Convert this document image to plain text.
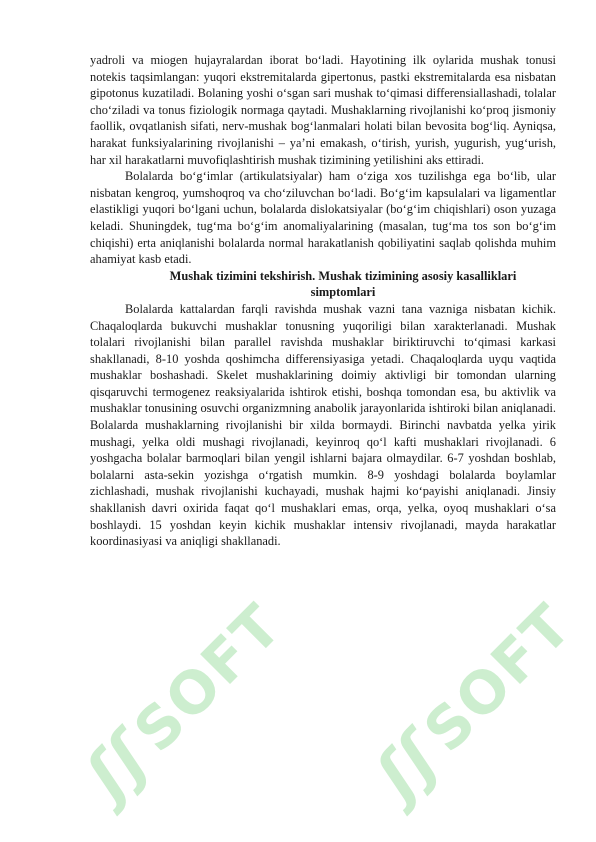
ʃʃSOFT
ʃʃSOFT

yadroli va miogen hujayralardan iborat bo‘ladi. Hayotining ilk oylarida mushak tonusi notekis taqsimlangan: yuqori ekstremitalarda gipertonus, pastki ekstremitalarda esa nisbatan gipotonus kuzatiladi. Bolaning yoshi o‘sgan sari mushak to‘qimasi differensiallashadi, tolalar cho‘ziladi va tonus fiziologik normaga qaytadi. Mushaklarning rivojlanishi ko‘proq jismoniy faollik, ovqatlanish sifati, nerv-mushak bog‘lanmalari holati bilan bevosita bog‘liq. Ayniqsa, harakat funksiyalarining rivojlanishi – ya’ni emakash, o‘tirish, yurish, yugurish, yug‘urish, har xil harakatlarni muvofiqlashtirish mushak tizimining yetilishini aks ettiradi.

Bolalarda bo‘g‘imlar (artikulatsiyalar) ham o‘ziga xos tuzilishga ega bo‘lib, ular nisbatan kengroq, yumshoqroq va cho‘ziluvchan bo‘ladi. Bo‘g‘im kapsulalari va ligamentlar elastikligi yuqori bo‘lgani uchun, bolalarda dislokatsiyalar (bo‘g‘im chiqishlari) oson yuzaga keladi. Shuningdek, tug‘ma bo‘g‘im anomaliyalarining (masalan, tug‘ma tos son bo‘g‘im chiqishi) erta aniqlanishi bolalarda normal harakatlanish qobiliyatini saqlab qolishda muhim ahamiyat kasb etadi.

Mushak tizimini tekshirish. Mushak tizimining asosiy kasalliklari
simptomlari

Bolalarda kattalardan farqli ravishda mushak vazni tana vazniga nisbatan kichik. Chaqaloqlarda bukuvchi mushaklar tonusning yuqoriligi bilan xarakterlanadi. Mushak tolalari rivojlanishi bilan parallel ravishda mushaklar biriktiruvchi to‘qimasi karkasi shakllanadi, 8-10 yoshda qoshimcha differensiyasiga yetadi. Chaqaloqlarda uyqu vaqtida mushaklar boshashadi. Skelet mushaklarining doimiy aktivligi bir tomondan ularning qisqaruvchi termogenez reaksiyalarida ishtirok etishi, boshqa tomondan esa, bu aktivlik va mushaklar tonusining osuvchi organizmning anabolik jarayonlarida ishtiroki bilan aniqlanadi. Bolalarda mushaklarning rivojlanishi bir xilda bormaydi. Birinchi navbatda yelka yirik mushagi, yelka oldi mushagi rivojlanadi, keyinroq qo‘l kafti mushaklari rivojlanadi. 6 yoshgacha bolalar barmoqlari bilan yengil ishlarni bajara olmaydilar. 6-7 yoshdan boshlab, bolalarni asta-sekin yozishga o‘rgatish mumkin. 8-9 yoshdagi bolalarda boylamlar zichlashadi, mushak rivojlanishi kuchayadi, mushak hajmi ko‘payishi aniqlanadi. Jinsiy shakllanish davri oxirida faqat qo‘l mushaklari emas, orqa, yelka, oyoq mushaklari o‘sa boshlaydi. 15 yoshdan keyin kichik mushaklar intensiv rivojlanadi, mayda harakatlar koordinasiyasi va aniqligi shakllanadi.
